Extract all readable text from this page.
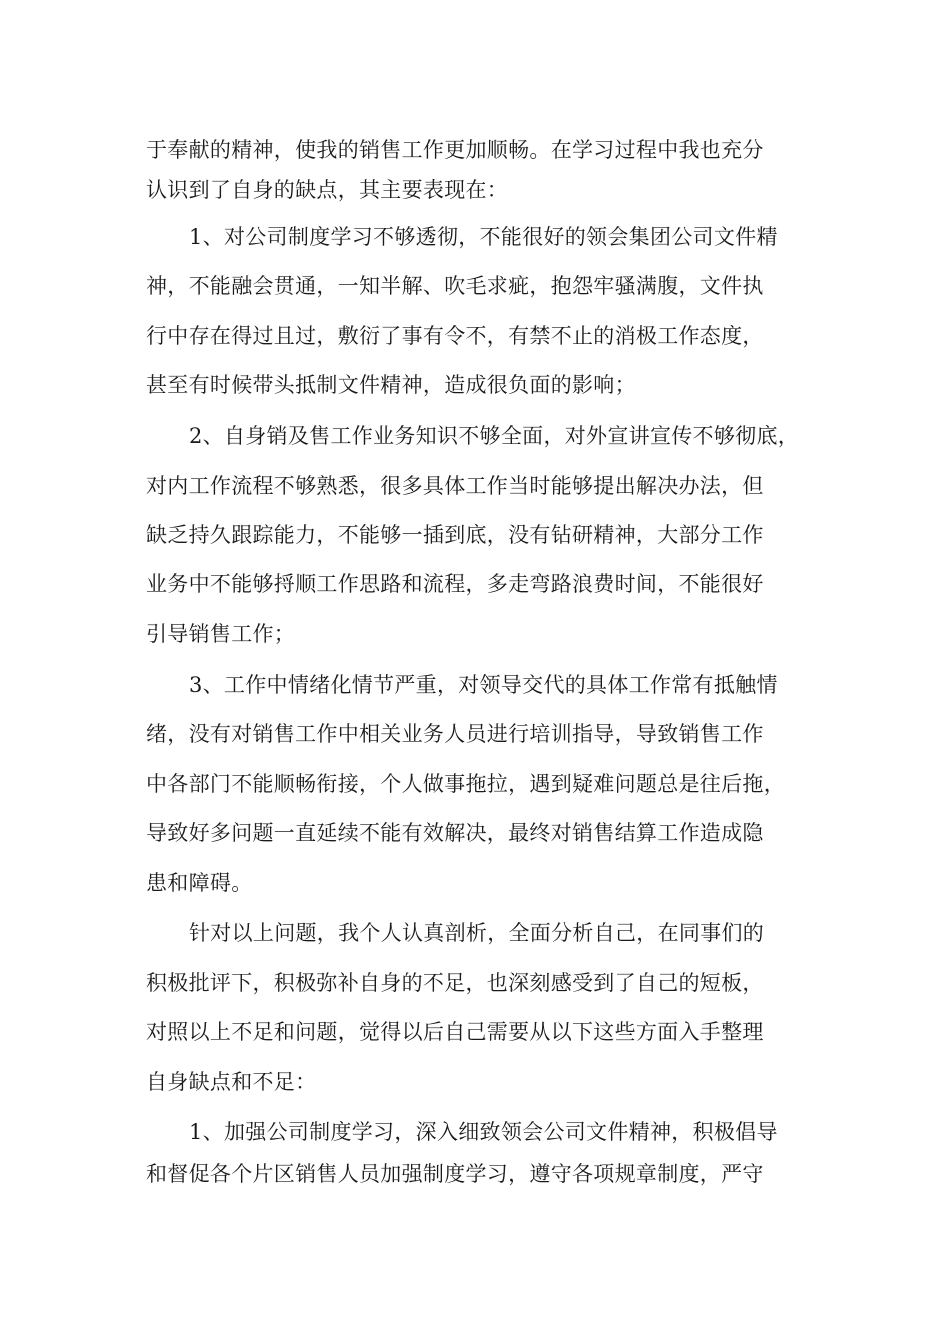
于奉献的精神，使我的销售工作更加顺畅。在学习过程中我也充分
认识到了自身的缺点，其主要表现在：
1、对公司制度学习不够透彻，不能很好的领会集团公司文件精
神，不能融会贯通，一知半解、吹毛求疵，抱怨牢骚满腹，文件执
行中存在得过且过，敷衍了事有令不，有禁不止的消极工作态度，
甚至有时候带头抵制文件精神，造成很负面的影响；
2、自身销及售工作业务知识不够全面，对外宣讲宣传不够彻底，
对内工作流程不够熟悉，很多具体工作当时能够提出解决办法，但
缺乏持久跟踪能力，不能够一插到底，没有钻研精神，大部分工作
业务中不能够捋顺工作思路和流程，多走弯路浪费时间，不能很好
引导销售工作；
3、工作中情绪化情节严重，对领导交代的具体工作常有抵触情
绪，没有对销售工作中相关业务人员进行培训指导，导致销售工作
中各部门不能顺畅衔接，个人做事拖拉，遇到疑难问题总是往后拖，
导致好多问题一直延续不能有效解决，最终对销售结算工作造成隐
患和障碍。
针对以上问题，我个人认真剖析，全面分析自己，在同事们的
积极批评下，积极弥补自身的不足，也深刻感受到了自己的短板，
对照以上不足和问题，觉得以后自己需要从以下这些方面入手整理
自身缺点和不足：
1、加强公司制度学习，深入细致领会公司文件精神，积极倡导
和督促各个片区销售人员加强制度学习，遵守各项规章制度，严守
